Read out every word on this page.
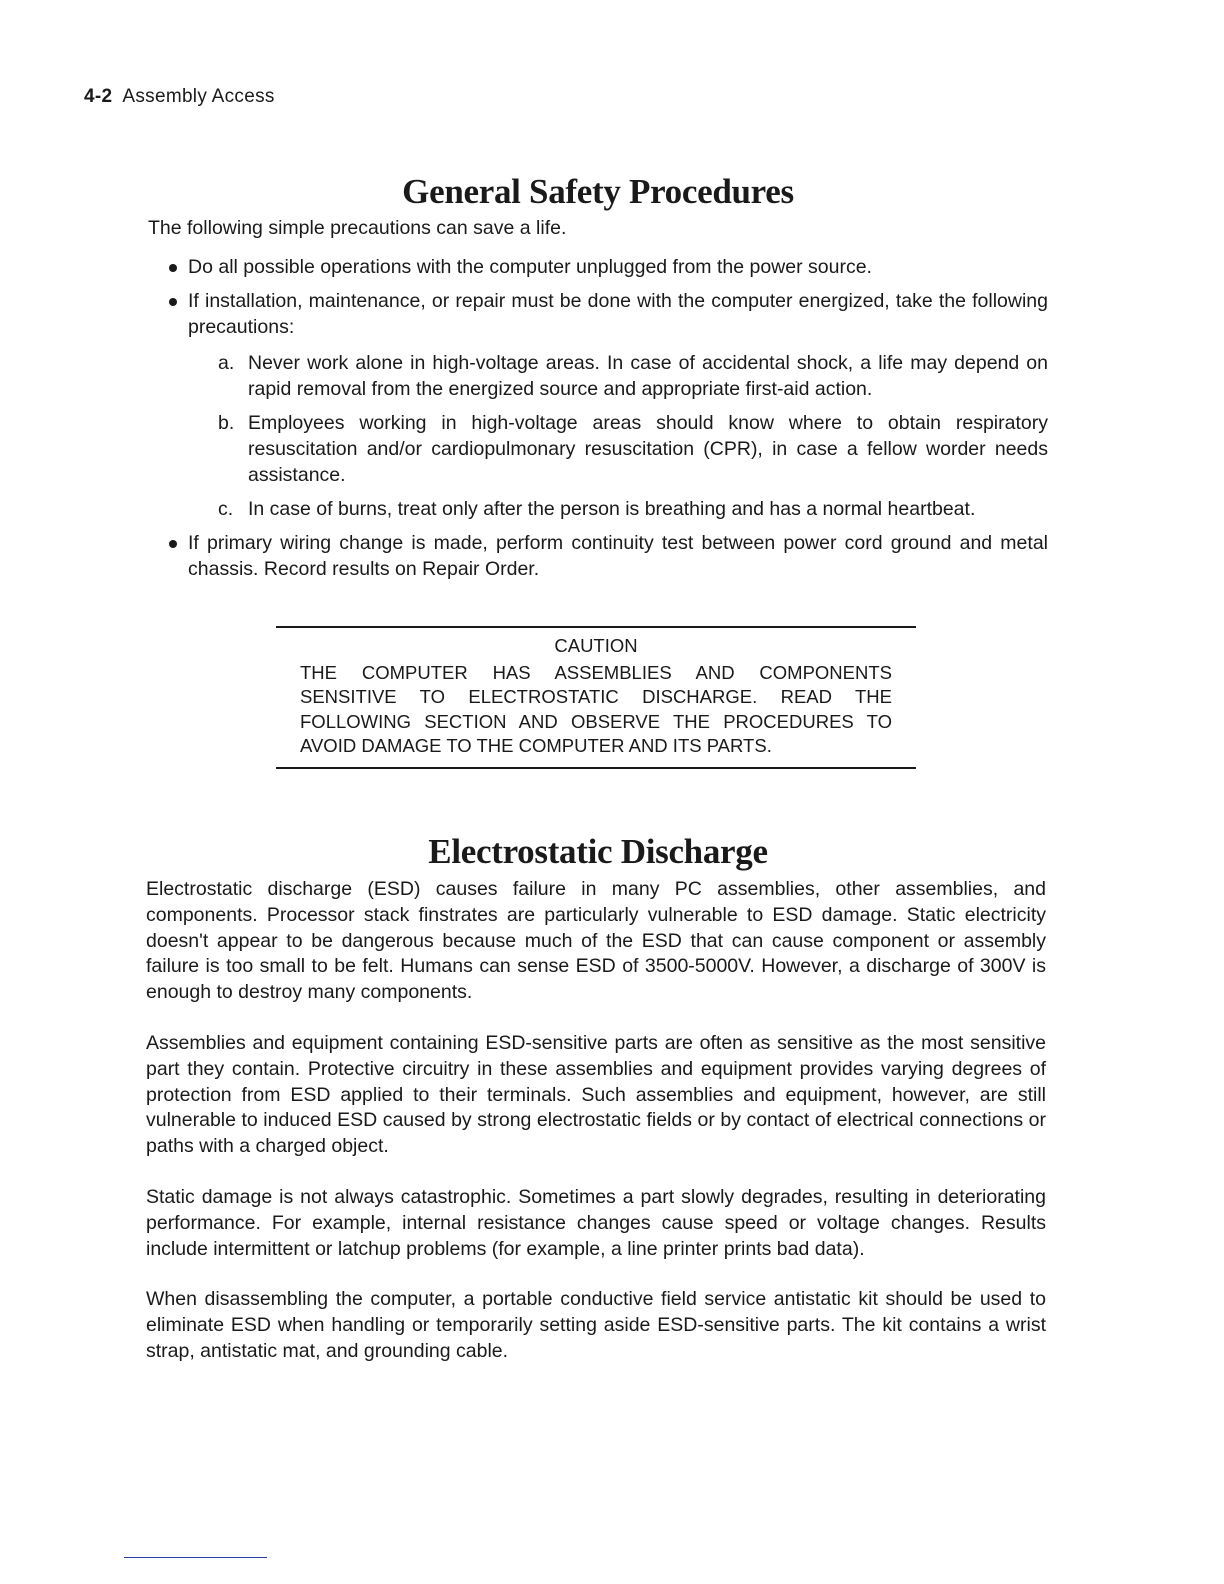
4-2 Assembly Access
General Safety Procedures

The following simple precautions can save a life.

Do all possible operations with the computer unplugged from the power source.
If installation, maintenance, or repair must be done with the computer energized, take the following precautions:
a. Never work alone in high-voltage areas. In case of accidental shock, a life may depend on rapid removal from the energized source and appropriate first-aid action.
b. Employees working in high-voltage areas should know where to obtain respiratory resuscitation and/or cardiopulmonary resuscitation (CPR), in case a fellow worder needs assistance.
c. In case of burns, treat only after the person is breathing and has a normal heartbeat.
If primary wiring change is made, perform continuity test between power cord ground and metal chassis. Record results on Repair Order.
CAUTION
THE COMPUTER HAS ASSEMBLIES AND COMPONENTS SENSITIVE TO ELECTROSTATIC DISCHARGE. READ THE FOLLOWING SECTION AND OBSERVE THE PROCEDURES TO AVOID DAMAGE TO THE COMPUTER AND ITS PARTS.
Electrostatic Discharge

Electrostatic discharge (ESD) causes failure in many PC assemblies, other assemblies, and components. Processor stack finstrates are particularly vulnerable to ESD damage. Static electricity doesn't appear to be dangerous because much of the ESD that can cause component or assembly failure is too small to be felt. Humans can sense ESD of 3500-5000V. However, a discharge of 300V is enough to destroy many components.

Assemblies and equipment containing ESD-sensitive parts are often as sensitive as the most sensitive part they contain. Protective circuitry in these assemblies and equipment provides varying degrees of protection from ESD applied to their terminals. Such assemblies and equipment, however, are still vulnerable to induced ESD caused by strong electrostatic fields or by contact of electrical connections or paths with a charged object.

Static damage is not always catastrophic. Sometimes a part slowly degrades, resulting in deteriorating performance. For example, internal resistance changes cause speed or voltage changes. Results include intermittent or latchup problems (for example, a line printer prints bad data).

When disassembling the computer, a portable conductive field service antistatic kit should be used to eliminate ESD when handling or temporarily setting aside ESD-sensitive parts. The kit contains a wrist strap, antistatic mat, and grounding cable.
